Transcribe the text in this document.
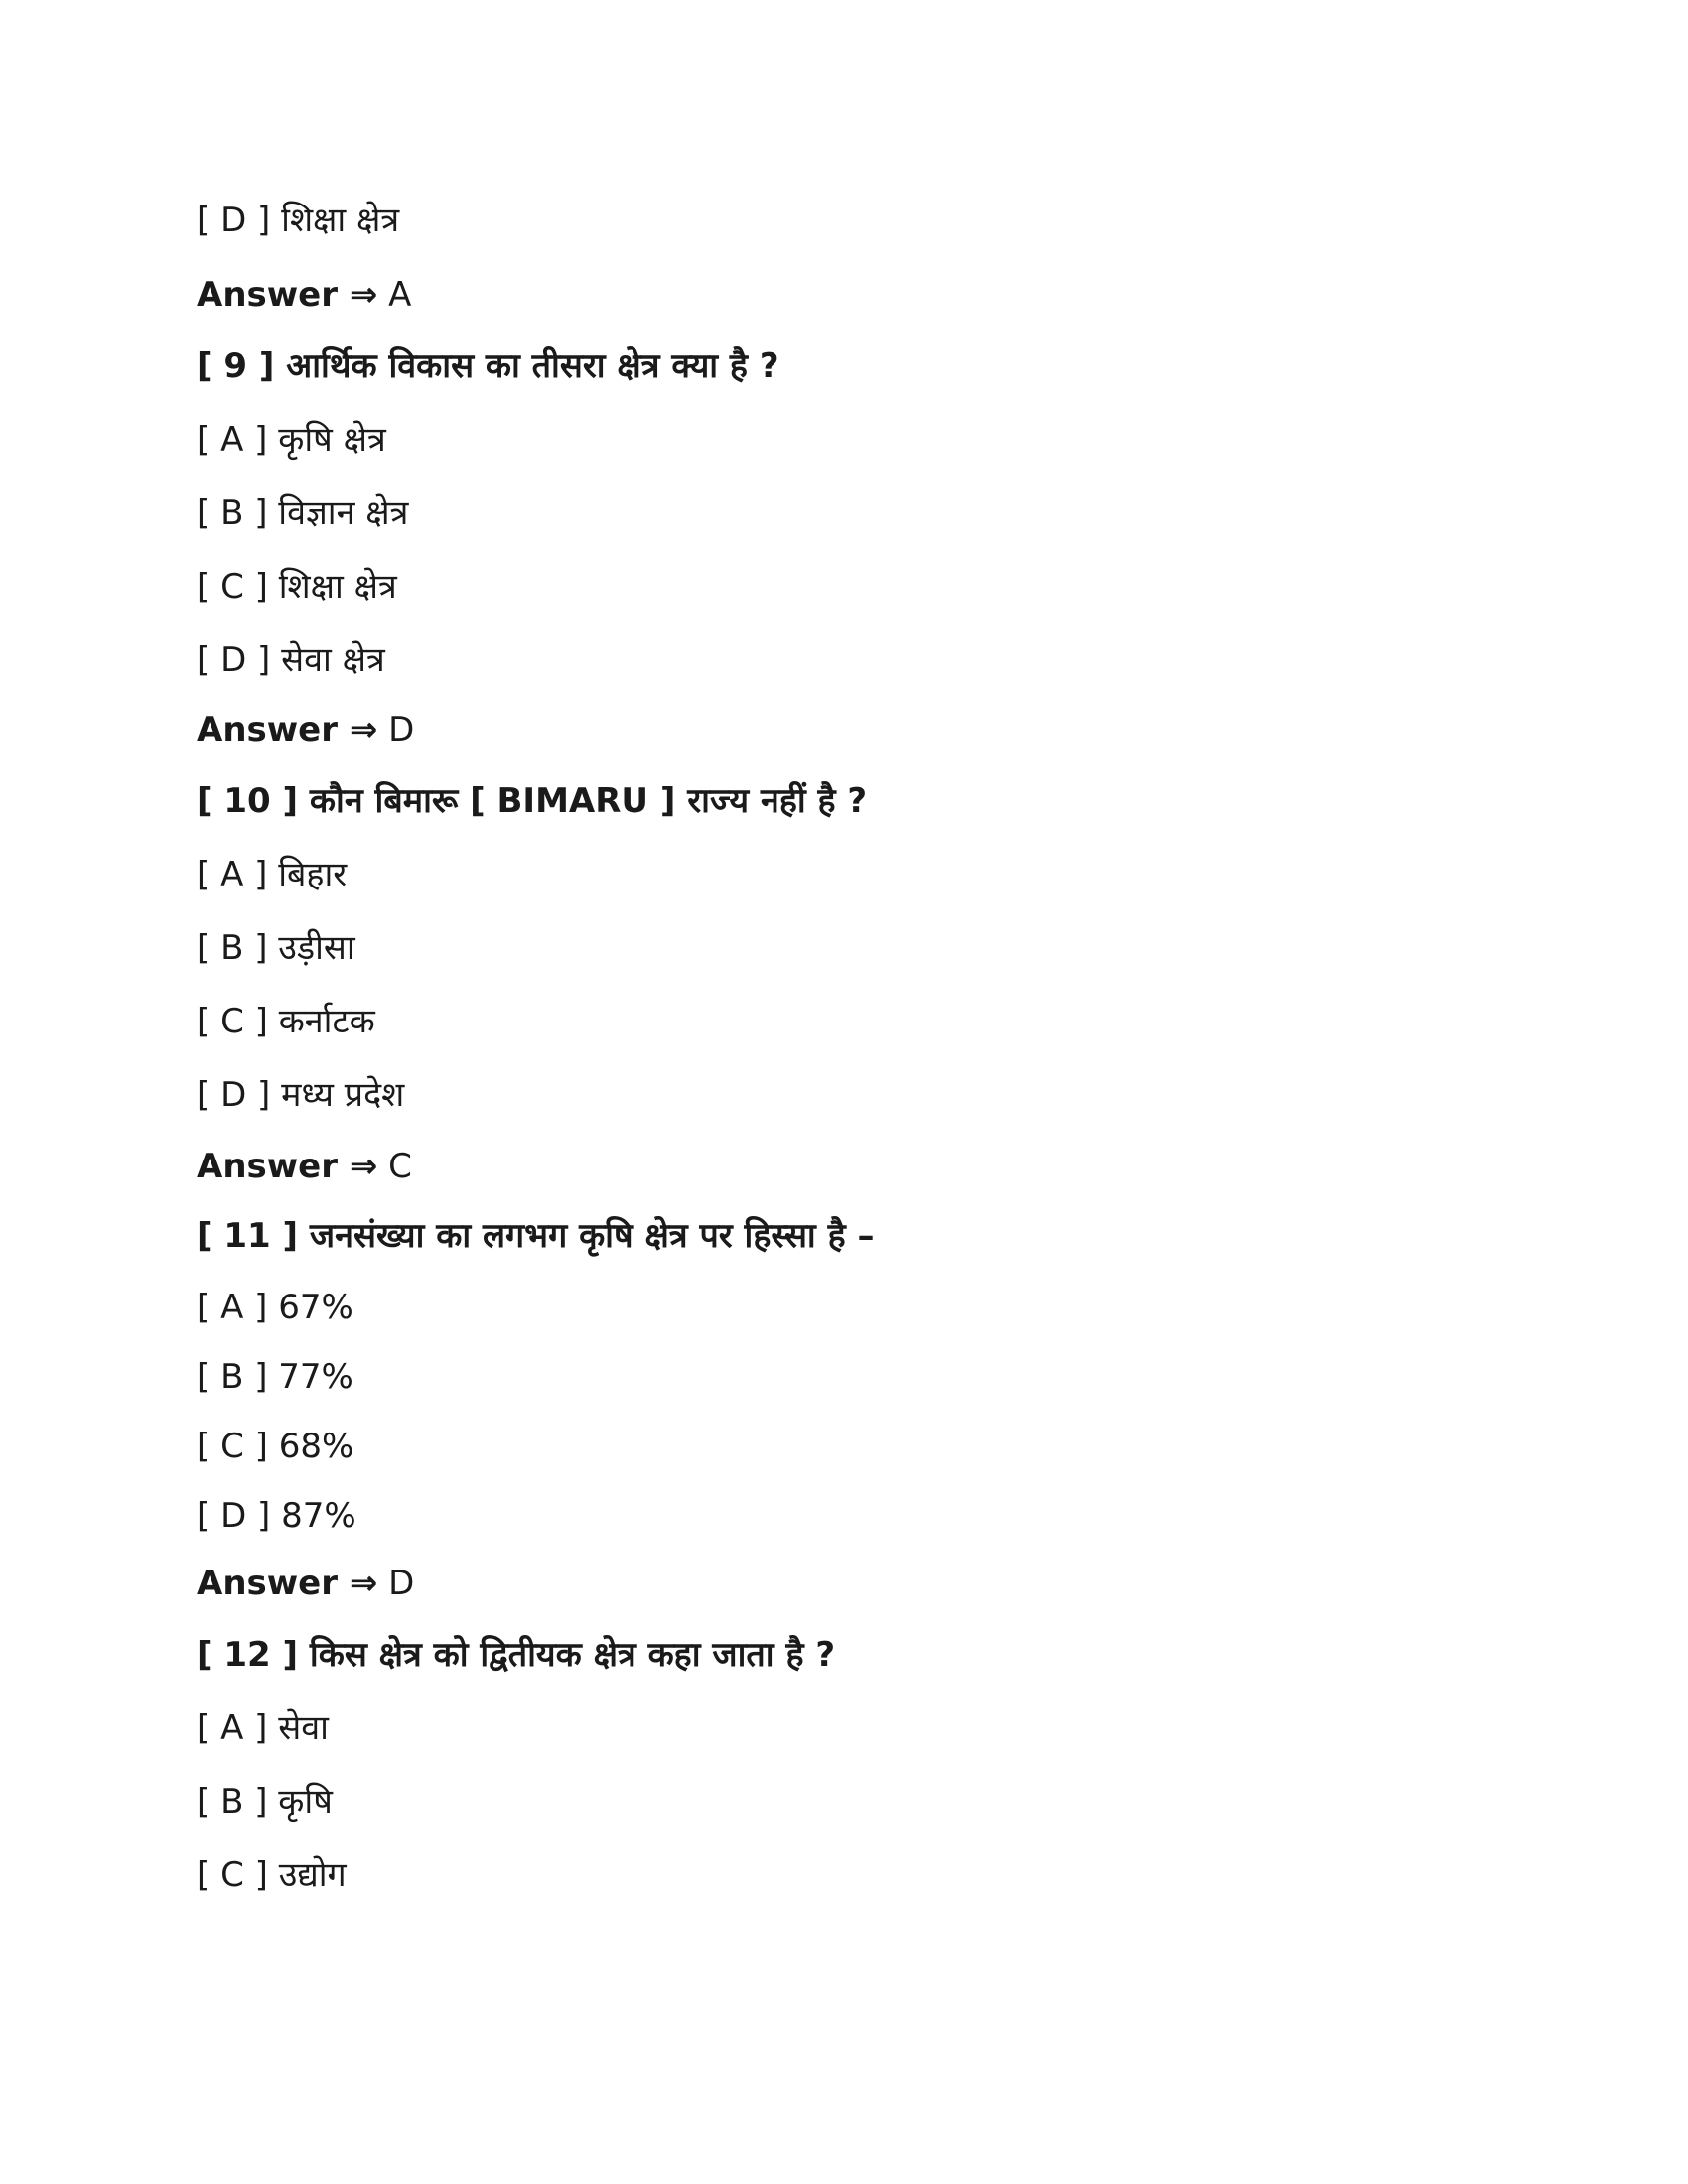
[ D ] शिक्षा क्षेत्र
Answer ⇒ A
[ 9 ] आर्थिक विकास का तीसरा क्षेत्र क्या है ?
[ A ] कृषि क्षेत्र
[ B ] विज्ञान क्षेत्र
[ C ] शिक्षा क्षेत्र
[ D ] सेवा क्षेत्र
Answer ⇒ D
[ 10 ] कौन बिमारू [ BIMARU ] राज्य नहीं है ?
[ A ] बिहार
[ B ] उड़ीसा
[ C ] कर्नाटक
[ D ] मध्य प्रदेश
Answer ⇒ C
[ 11 ] जनसंख्या का लगभग कृषि क्षेत्र पर हिस्सा है –
[ A ] 67%
[ B ] 77%
[ C ] 68%
[ D ] 87%
Answer ⇒ D
[ 12 ] किस क्षेत्र को द्वितीयक क्षेत्र कहा जाता है ?
[ A ] सेवा
[ B ] कृषि
[ C ] उद्योग
